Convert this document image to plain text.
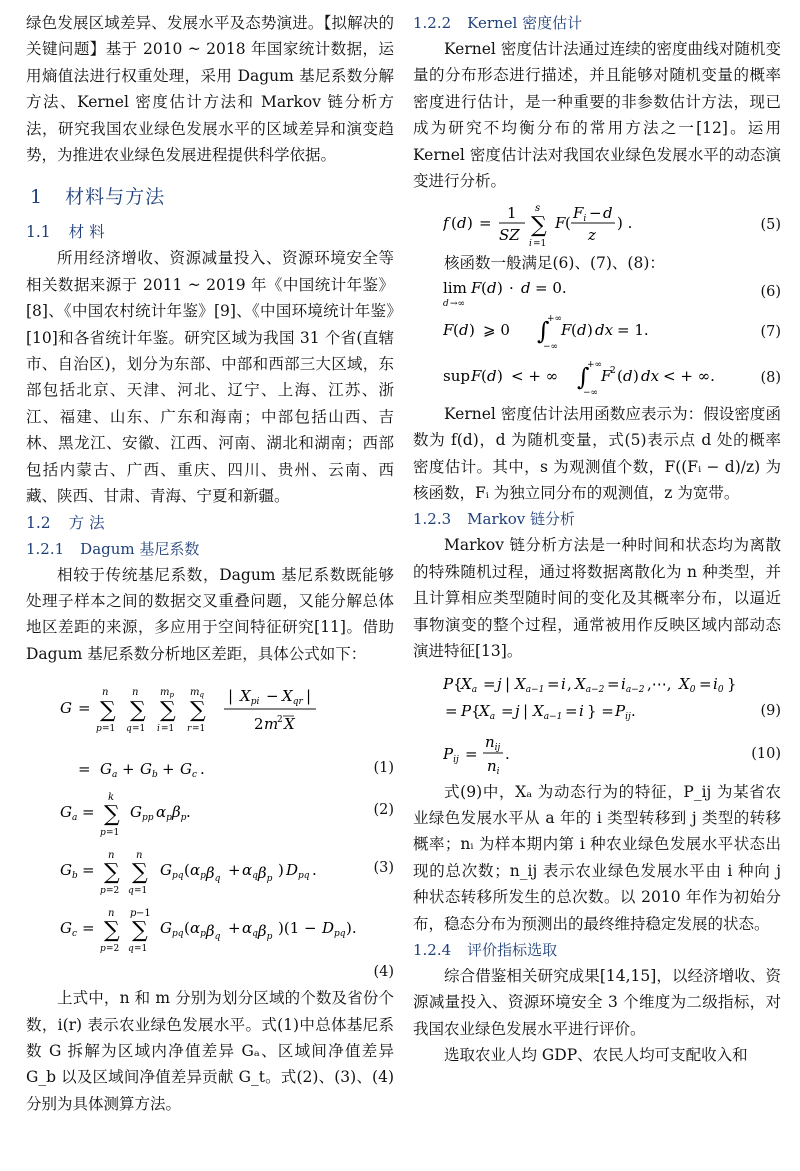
绿色发展区域差异、发展水平及态势演进。【拟解决的关键问题】基于 2010 ~ 2018 年国家统计数据，运用熵值法进行权重处理，采用 Dagum 基尼系数分解方法、Kernel 密度估计方法和 Markov 链分析方法，研究我国农业绿色发展水平的区域差异和演变趋势，为推进农业绿色发展进程提供科学依据。

1 材料与方法
1.1 材 料

所用经济增收、资源减量投入、资源环境安全等相关数据来源于 2011 ~ 2019 年《中国统计年鉴》[8]、《中国农村统计年鉴》[9]、《中国环境统计年鉴》[10]和各省统计年鉴。研究区域为我国 31 个省(直辖市、自治区)，划分为东部、中部和西部三大区域，东部包括北京、天津、河北、辽宁、上海、江苏、浙江、福建、山东、广东和海南；中部包括山西、吉林、黑龙江、安徽、江西、河南、湖北和湖南；西部包括内蒙古、广西、重庆、四川、贵州、云南、西藏、陕西、甘肃、青海、宁夏和新疆。

1.2 方 法
1.2.1 Dagum 基尼系数

相较于传统基尼系数，Dagum 基尼系数既能够处理子样本之间的数据交叉重叠问题，又能分解总体地区差距的来源，多应用于空间特征研究[11]。借助 Dagum 基尼系数分析地区差距，具体公式如下：

G = ∑
n
p =1
∑
n
q =1
∑
$m_p$
i =1
∑
$m_q$
r =1
| $X_{pi} - X_{qr}$ |
2 m
2 X
= $G_a + G_b + G_c$ .	(1)
$G_a$ = ∑
k
p =1
$G_{pp}$ $\alpha_p$ $\beta_p$ .	(2)
$G_b$ = ∑
n
p =2
∑
n
q =1
$G_{pq}$ ( $\alpha_p\beta_q + \alpha_q\beta_p$ ) $D_{pq}$ .	(3)
$G_c$ = ∑
n
p =2
∑
p −1
q =1
$G_{pq}$ ( $\alpha_p\beta_q + \alpha_q\beta_p$ )($1 - D_{pq}$ ).
(4)

上式中，n 和 m 分别为划分区域的个数及省份个数，i(r) 表示农业绿色发展水平。式(1)中总体基尼系数 G 拆解为区域内净值差异 Gₐ、区域间净值差异 G_b 以及区域间净值差异贡献 G_t。式(2)、(3)、(4)分别为具体测算方法。

1.2.2 Kernel 密度估计

Kernel 密度估计法通过连续的密度曲线对随机变量的分布形态进行描述，并且能够对随机变量的概率密度进行估计，是一种重要的非参数估计方法，现已成为研究不均衡分布的常用方法之一[12]。运用 Kernel 密度估计法对我国农业绿色发展水平的动态演变进行分析。

f ( d ) =
1
SZ ∑
s
i =1
F (
$F_i - d$
z
) .	(5)

核函数一般满足(6)、(7)、(8)：

lim
d →∞
F ( d ) · d = 0.	(6)
F ( d ) ⩾ 0 ∫
+∞
−∞
F ( d ) dx = 1.	(7)
sup F ( d ) < + ∞ ∫
+∞
−∞
F
2 ( d ) dx < + ∞.	(8)

Kernel 密度估计法用函数应表示为：假设密度函数为 f(d)，d 为随机变量，式(5)表示点 d 处的概率密度估计。其中，s 为观测值个数，F((Fᵢ − d)/z) 为核函数，Fᵢ 为独立同分布的观测值，z 为宽带。

1.2.3 Markov 链分析

Markov 链分析方法是一种时间和状态均为离散的特殊随机过程，通过将数据离散化为 n 种类型，并且计算相应类型随时间的变化及其概率分布，以逼近事物演变的整个过程，通常被用作反映区域内部动态演进特征[13]。

P {
$X_a = j$ | $X_{a-1} = i$ , $X_{a-2} = i_{a-2}$ ,⋯, $X_0 = i_0$ }
= P {
$X_a = j$ | $X_{a-1} = i$ } = $P_{ij}$ .	(9)
$P_{ij}$ =
$n_{ij}$
$n_i$
.	(10)

式(9)中，Xₐ 为动态行为的特征，P_ij 为某省农业绿色发展水平从 a 年的 i 类型转移到 j 类型的转移概率；nᵢ 为样本期内第 i 种农业绿色发展水平状态出现的总次数；n_ij 表示农业绿色发展水平由 i 种向 j 种状态转移所发生的总次数。以 2010 年作为初始分布，稳态分布为预测出的最终维持稳定发展的状态。

1.2.4 评价指标选取

综合借鉴相关研究成果[14,15]，以经济增收、资源减量投入、资源环境安全 3 个维度为二级指标，对我国农业绿色发展水平进行评价。

选取农业人均 GDP、农民人均可支配收入和
